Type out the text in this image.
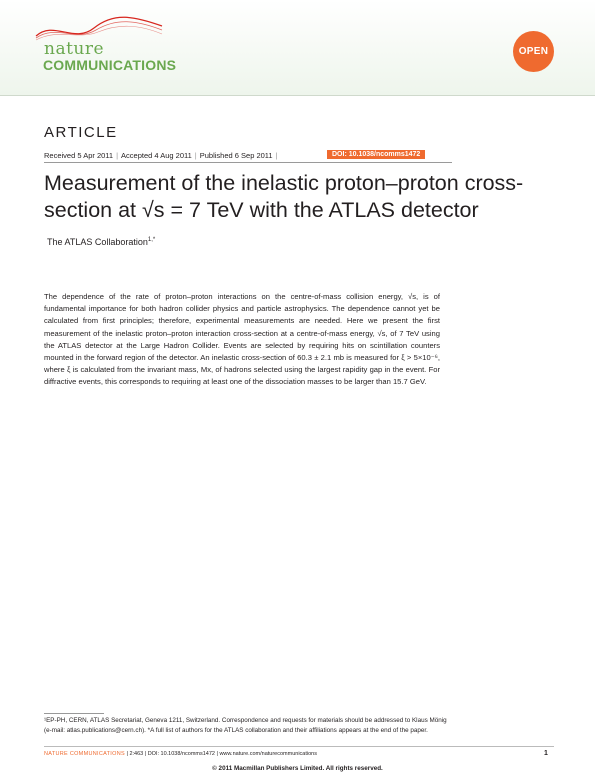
nature
COMMUNICATIONS
OPEN
ARTICLE
Received 5 Apr 2011 | Accepted 4 Aug 2011 | Published 6 Sep 2011 |	DOI: 10.1038/ncomms1472
Measurement of the inelastic proton–proton cross-section at √s = 7 TeV with the ATLAS detector
The ATLAS Collaboration$^{1,*}$
The dependence of the rate of proton–proton interactions on the centre-of-mass collision energy, √s, is of fundamental importance for both hadron collider physics and particle astrophysics. The dependence cannot yet be calculated from first principles; therefore, experimental measurements are needed. Here we present the first measurement of the inelastic proton–proton interaction cross-section at a centre-of-mass energy, √s, of 7 TeV using the ATLAS detector at the Large Hadron Collider. Events are selected by requiring hits on scintillation counters mounted in the forward region of the detector. An inelastic cross-section of 60.3 ± 2.1 mb is measured for ξ > 5×10⁻⁶, where ξ is calculated from the invariant mass, Mx, of hadrons selected using the largest rapidity gap in the event. For diffractive events, this corresponds to requiring at least one of the dissociation masses to be larger than 15.7 GeV.
¹EP-PH, CERN, ATLAS Secretariat, Geneva 1211, Switzerland. Correspondence and requests for materials should be addressed to Klaus Mönig
(e-mail: atlas.publications@cern.ch). *A full list of authors for the ATLAS collaboration and their affiliations appears at the end of the paper.
NATURE COMMUNICATIONS | 2:463 | DOI: 10.1038/ncomms1472 | www.nature.com/naturecommunications	1
© 2011 Macmillan Publishers Limited. All rights reserved.
